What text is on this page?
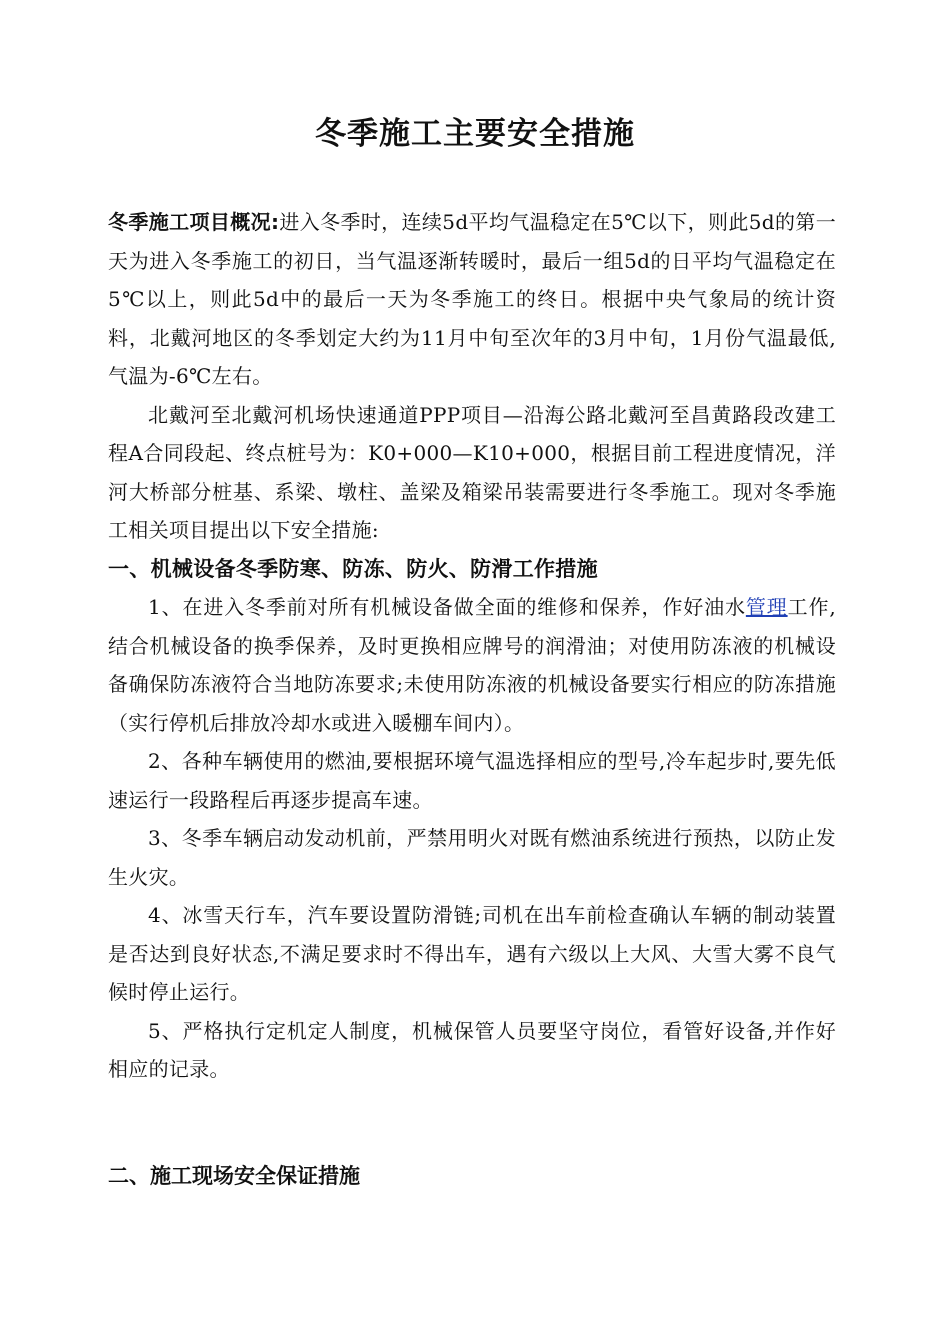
冬季施工主要安全措施

冬季施工项目概况:进入冬季时，连续5d平均气温稳定在5℃以下，则此5d的第一天为进入冬季施工的初日，当气温逐渐转暖时，最后一组5d的日平均气温稳定在5℃以上，则此5d中的最后一天为冬季施工的终日。根据中央气象局的统计资料，北戴河地区的冬季划定大约为11月中旬至次年的3月中旬，1月份气温最低,气温为-6℃左右。

北戴河至北戴河机场快速通道PPP项目—沿海公路北戴河至昌黄路段改建工程A合同段起、终点桩号为：K0+000—K10+000，根据目前工程进度情况，洋河大桥部分桩基、系梁、墩柱、盖梁及箱梁吊装需要进行冬季施工。现对冬季施工相关项目提出以下安全措施:

一、机械设备冬季防寒、防冻、防火、防滑工作措施

1、在进入冬季前对所有机械设备做全面的维修和保养，作好油水管理工作,结合机械设备的换季保养，及时更换相应牌号的润滑油；对使用防冻液的机械设备确保防冻液符合当地防冻要求;未使用防冻液的机械设备要实行相应的防冻措施（实行停机后排放冷却水或进入暖棚车间内）。

2、各种车辆使用的燃油,要根据环境气温选择相应的型号,冷车起步时,要先低速运行一段路程后再逐步提高车速。

3、冬季车辆启动发动机前，严禁用明火对既有燃油系统进行预热，以防止发生火灾。

4、冰雪天行车，汽车要设置防滑链;司机在出车前检查确认车辆的制动装置是否达到良好状态,不满足要求时不得出车，遇有六级以上大风、大雪大雾不良气候时停止运行。

5、严格执行定机定人制度，机械保管人员要坚守岗位，看管好设备,并作好相应的记录。

二、施工现场安全保证措施
